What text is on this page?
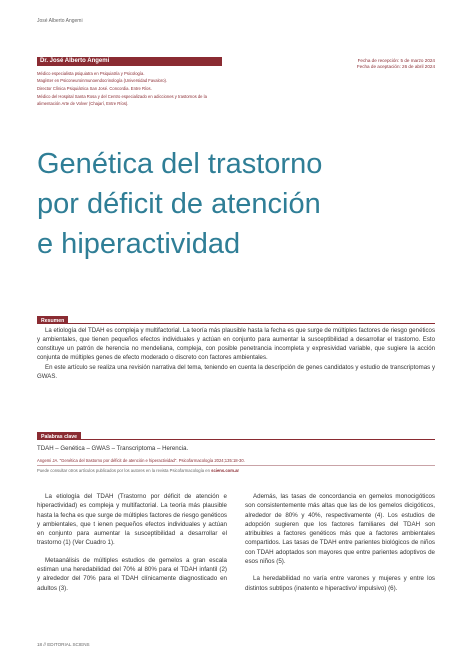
José Alberto Angemi
Dr. José Alberto Angemi
Médico especialista psiquiatra en Psiquiatría y Psicología.
Magíster en Psiconeuroinmunoendocrinología (Universidad Favaloro).
Director Clínica Psiquiátrica San José. Concordia. Entre Ríos.
Médico del Hospital Santa Rosa y del Centro especializado en adicciones y trastornos de la
alimentación Arte de Volver (Chajarí, Entre Ríos).
Fecha de recepción: 5 de marzo 2024
Fecha de aceptación: 26 de abril 2024
Genética del trastorno
por déficit de atención
e hiperactividad
Resumen

La etiología del TDAH es compleja y multifactorial. La teoría más plausible hasta la fecha es que surge de múltiples factores de riesgo genéticos y ambientales, que tienen pequeños efectos individuales y actúan en conjunto para aumentar la susceptibilidad a desarrollar el trastorno. Esto constituye un patrón de herencia no mendeliana, compleja, con posible penetrancia incompleta y expresividad variable, que sugiere la acción conjunta de múltiples genes de efecto moderado o discreto con factores ambientales.

En este artículo se realiza una revisión narrativa del tema, teniendo en cuenta la descripción de genes candidatos y estudio de transcriptomas y GWAS.

Palabras clave
TDAH – Genética – GWAS – Transcriptoma – Herencia.
Angemi JA. "Genética del trastorno por déficit de atención e hiperactividad". Psicofarmacología 2024;135:18-30.
Puede consultar otros artículos publicados por los autores en la revista Psicofarmacología en sciens.com.ar

La etiología del TDAH (Trastorno por déficit de atención e hiperactividad) es compleja y multifactorial. La teoría más plausible hasta la fecha es que surge de múltiples factores de riesgo genéticos y ambientales, que t ienen pequeños efectos individuales y actúan en conjunto para aumentar la susceptibilidad a desarrollar el trastorno (1) (Ver Cuadro 1).

Metaanálisis de múltiples estudios de gemelos a gran escala estiman una heredabilidad del 70% al 80% para el TDAH infantil (2) y alrededor del 70% para el TDAH clínicamente diagnosticado en adultos (3).

Además, las tasas de concordancia en gemelos monocigóticos son consistentemente más altas que las de los gemelos dicigóticos, alrededor de 80% y 40%, respectivamente (4). Los estudios de adopción sugieren que los factores familiares del TDAH son atribuibles a factores genéticos más que a factores ambientales compartidos. Las tasas de TDAH entre parientes biológicos de niños con TDAH adoptados son mayores que entre parientes adoptivos de esos niños (5).

La heredabilidad no varía entre varones y mujeres y entre los distintos subtipos (inatento e hiperactivo/ impulsivo) (6).

18 // EDITORIAL SCIENS
